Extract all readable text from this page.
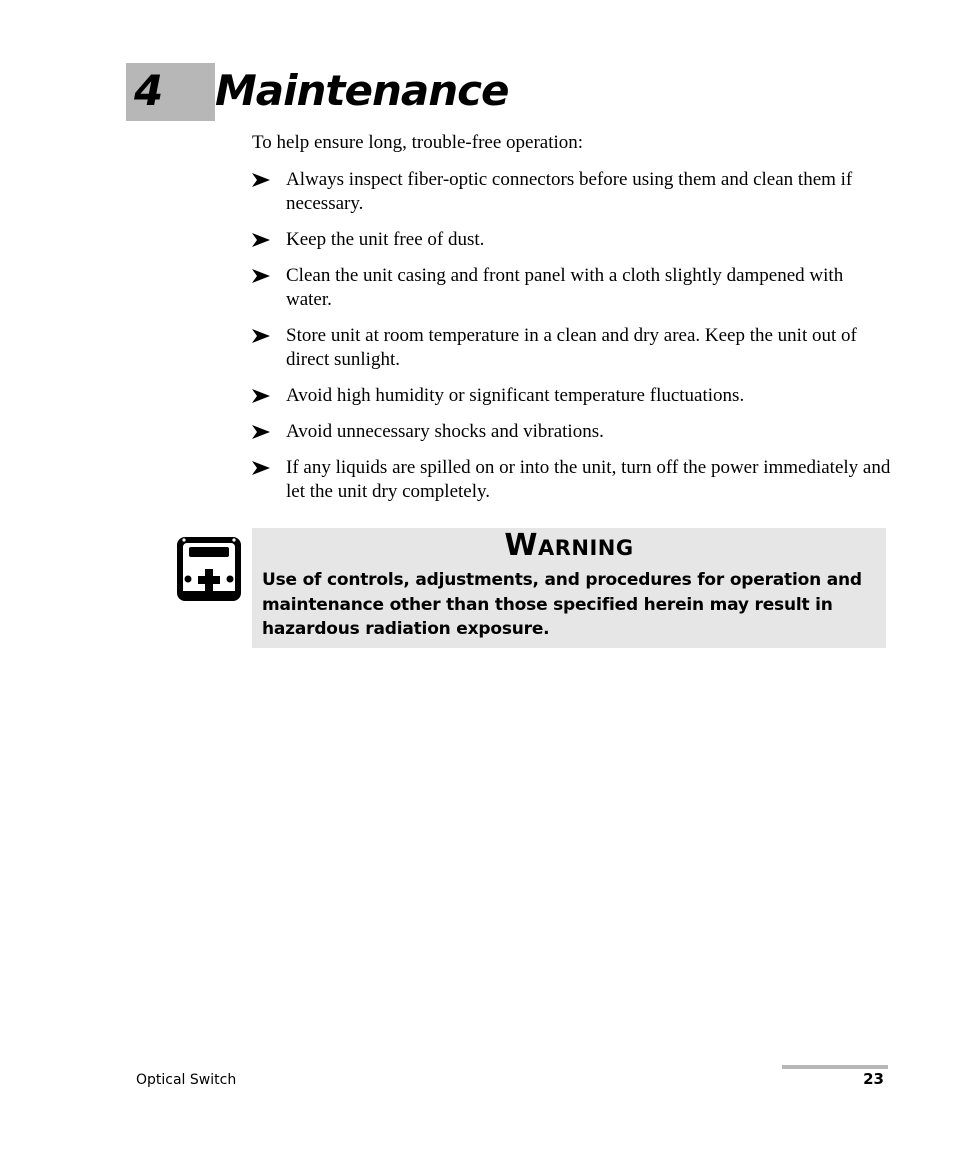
4 Maintenance

To help ensure long, trouble-free operation:

Always inspect fiber-optic connectors before using them and clean them if necessary.
Keep the unit free of dust.
Clean the unit casing and front panel with a cloth slightly dampened with water.
Store unit at room temperature in a clean and dry area. Keep the unit out of direct sunlight.
Avoid high humidity or significant temperature fluctuations.
Avoid unnecessary shocks and vibrations.
If any liquids are spilled on or into the unit, turn off the power immediately and let the unit dry completely.
Warning
Use of controls, adjustments, and procedures for operation and maintenance other than those specified herein may result in hazardous radiation exposure.
Optical Switch	23
